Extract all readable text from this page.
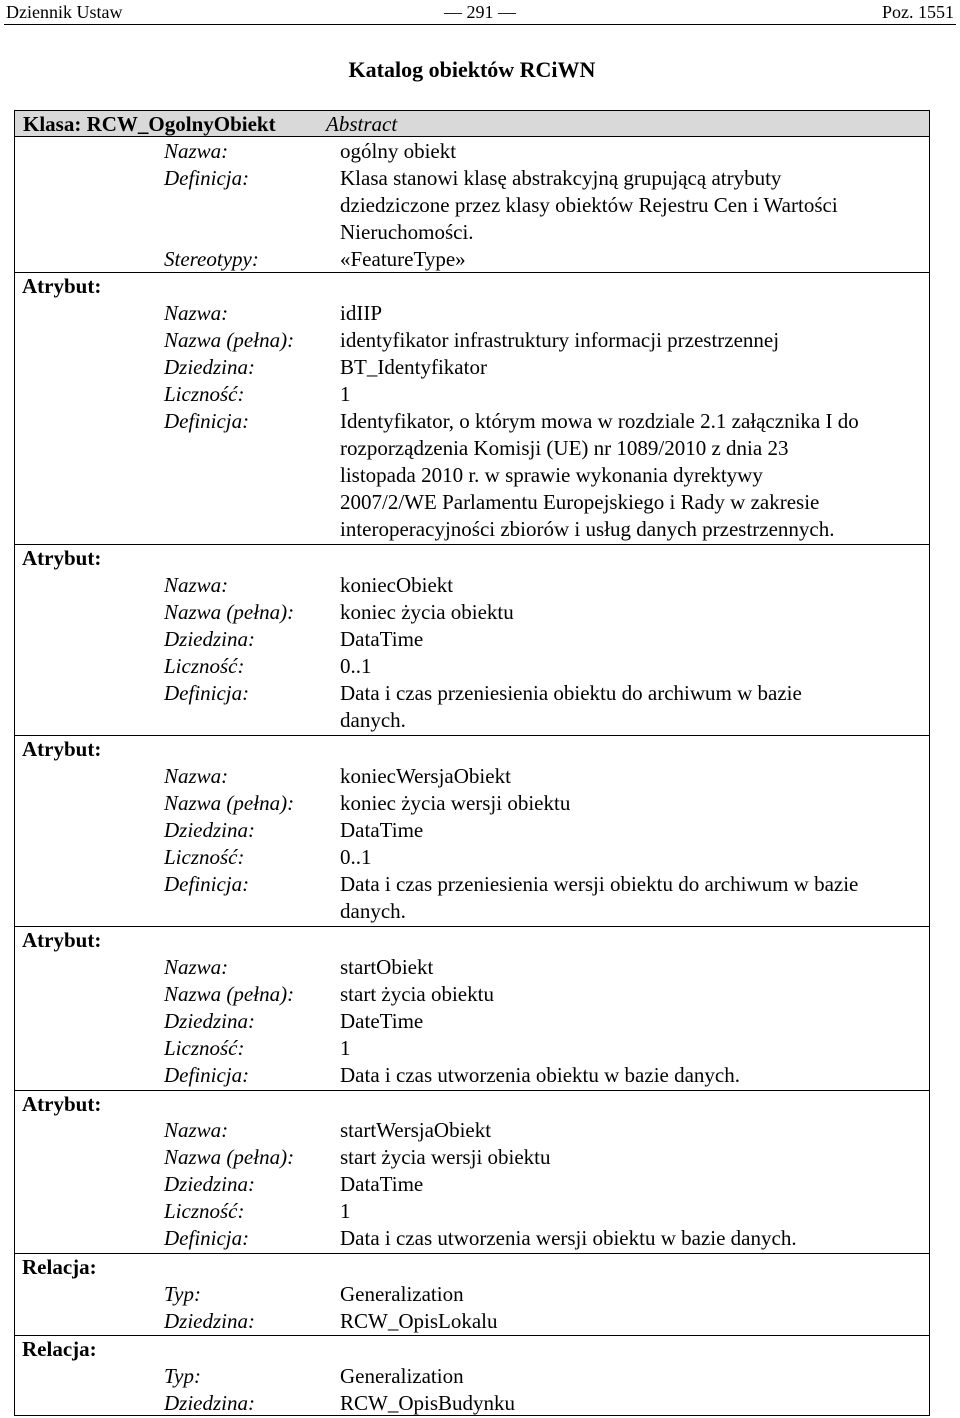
Dziennik Ustaw	— 291 —	Poz. 1551
Katalog obiektów RCiWN
Klasa: RCW_OgolnyObiekt Abstract
Nazwa:	ogólny obiekt
Definicja:	Klasa stanowi klasę abstrakcyjną grupującą atrybuty
dziedziczone przez klasy obiektów Rejestru Cen i Wartości
Nieruchomości.
Stereotypy:	«FeatureType»
Atrybut:
Nazwa:	idIIP
Nazwa (pełna): identyfikator infrastruktury informacji przestrzennej
Dziedzina:	BT_Identyfikator
Liczność:	1
Definicja:	Identyfikator, o którym mowa w rozdziale 2.1 załącznika I do
rozporządzenia Komisji (UE) nr 1089/2010 z dnia 23
listopada 2010 r. w sprawie wykonania dyrektywy
2007/2/WE Parlamentu Europejskiego i Rady w zakresie
interoperacyjności zbiorów i usług danych przestrzennych.
Atrybut:
Nazwa:	koniecObiekt
Nazwa (pełna): koniec życia obiektu
Dziedzina:	DataTime
Liczność:	0..1
Definicja:	Data i czas przeniesienia obiektu do archiwum w bazie
danych.
Atrybut:
Nazwa:	koniecWersjaObiekt
Nazwa (pełna): koniec życia wersji obiektu
Dziedzina:	DataTime
Liczność:	0..1
Definicja:	Data i czas przeniesienia wersji obiektu do archiwum w bazie
danych.
Atrybut:
Nazwa:	startObiekt
Nazwa (pełna): start życia obiektu
Dziedzina:	DateTime
Liczność:	1
Definicja:	Data i czas utworzenia obiektu w bazie danych.
Atrybut:
Nazwa:	startWersjaObiekt
Nazwa (pełna): start życia wersji obiektu
Dziedzina:	DataTime
Liczność:	1
Definicja:	Data i czas utworzenia wersji obiektu w bazie danych.
Relacja:
Typ:	Generalization
Dziedzina:	RCW_OpisLokalu
Relacja:
Typ:	Generalization
Dziedzina:	RCW_OpisBudynku
